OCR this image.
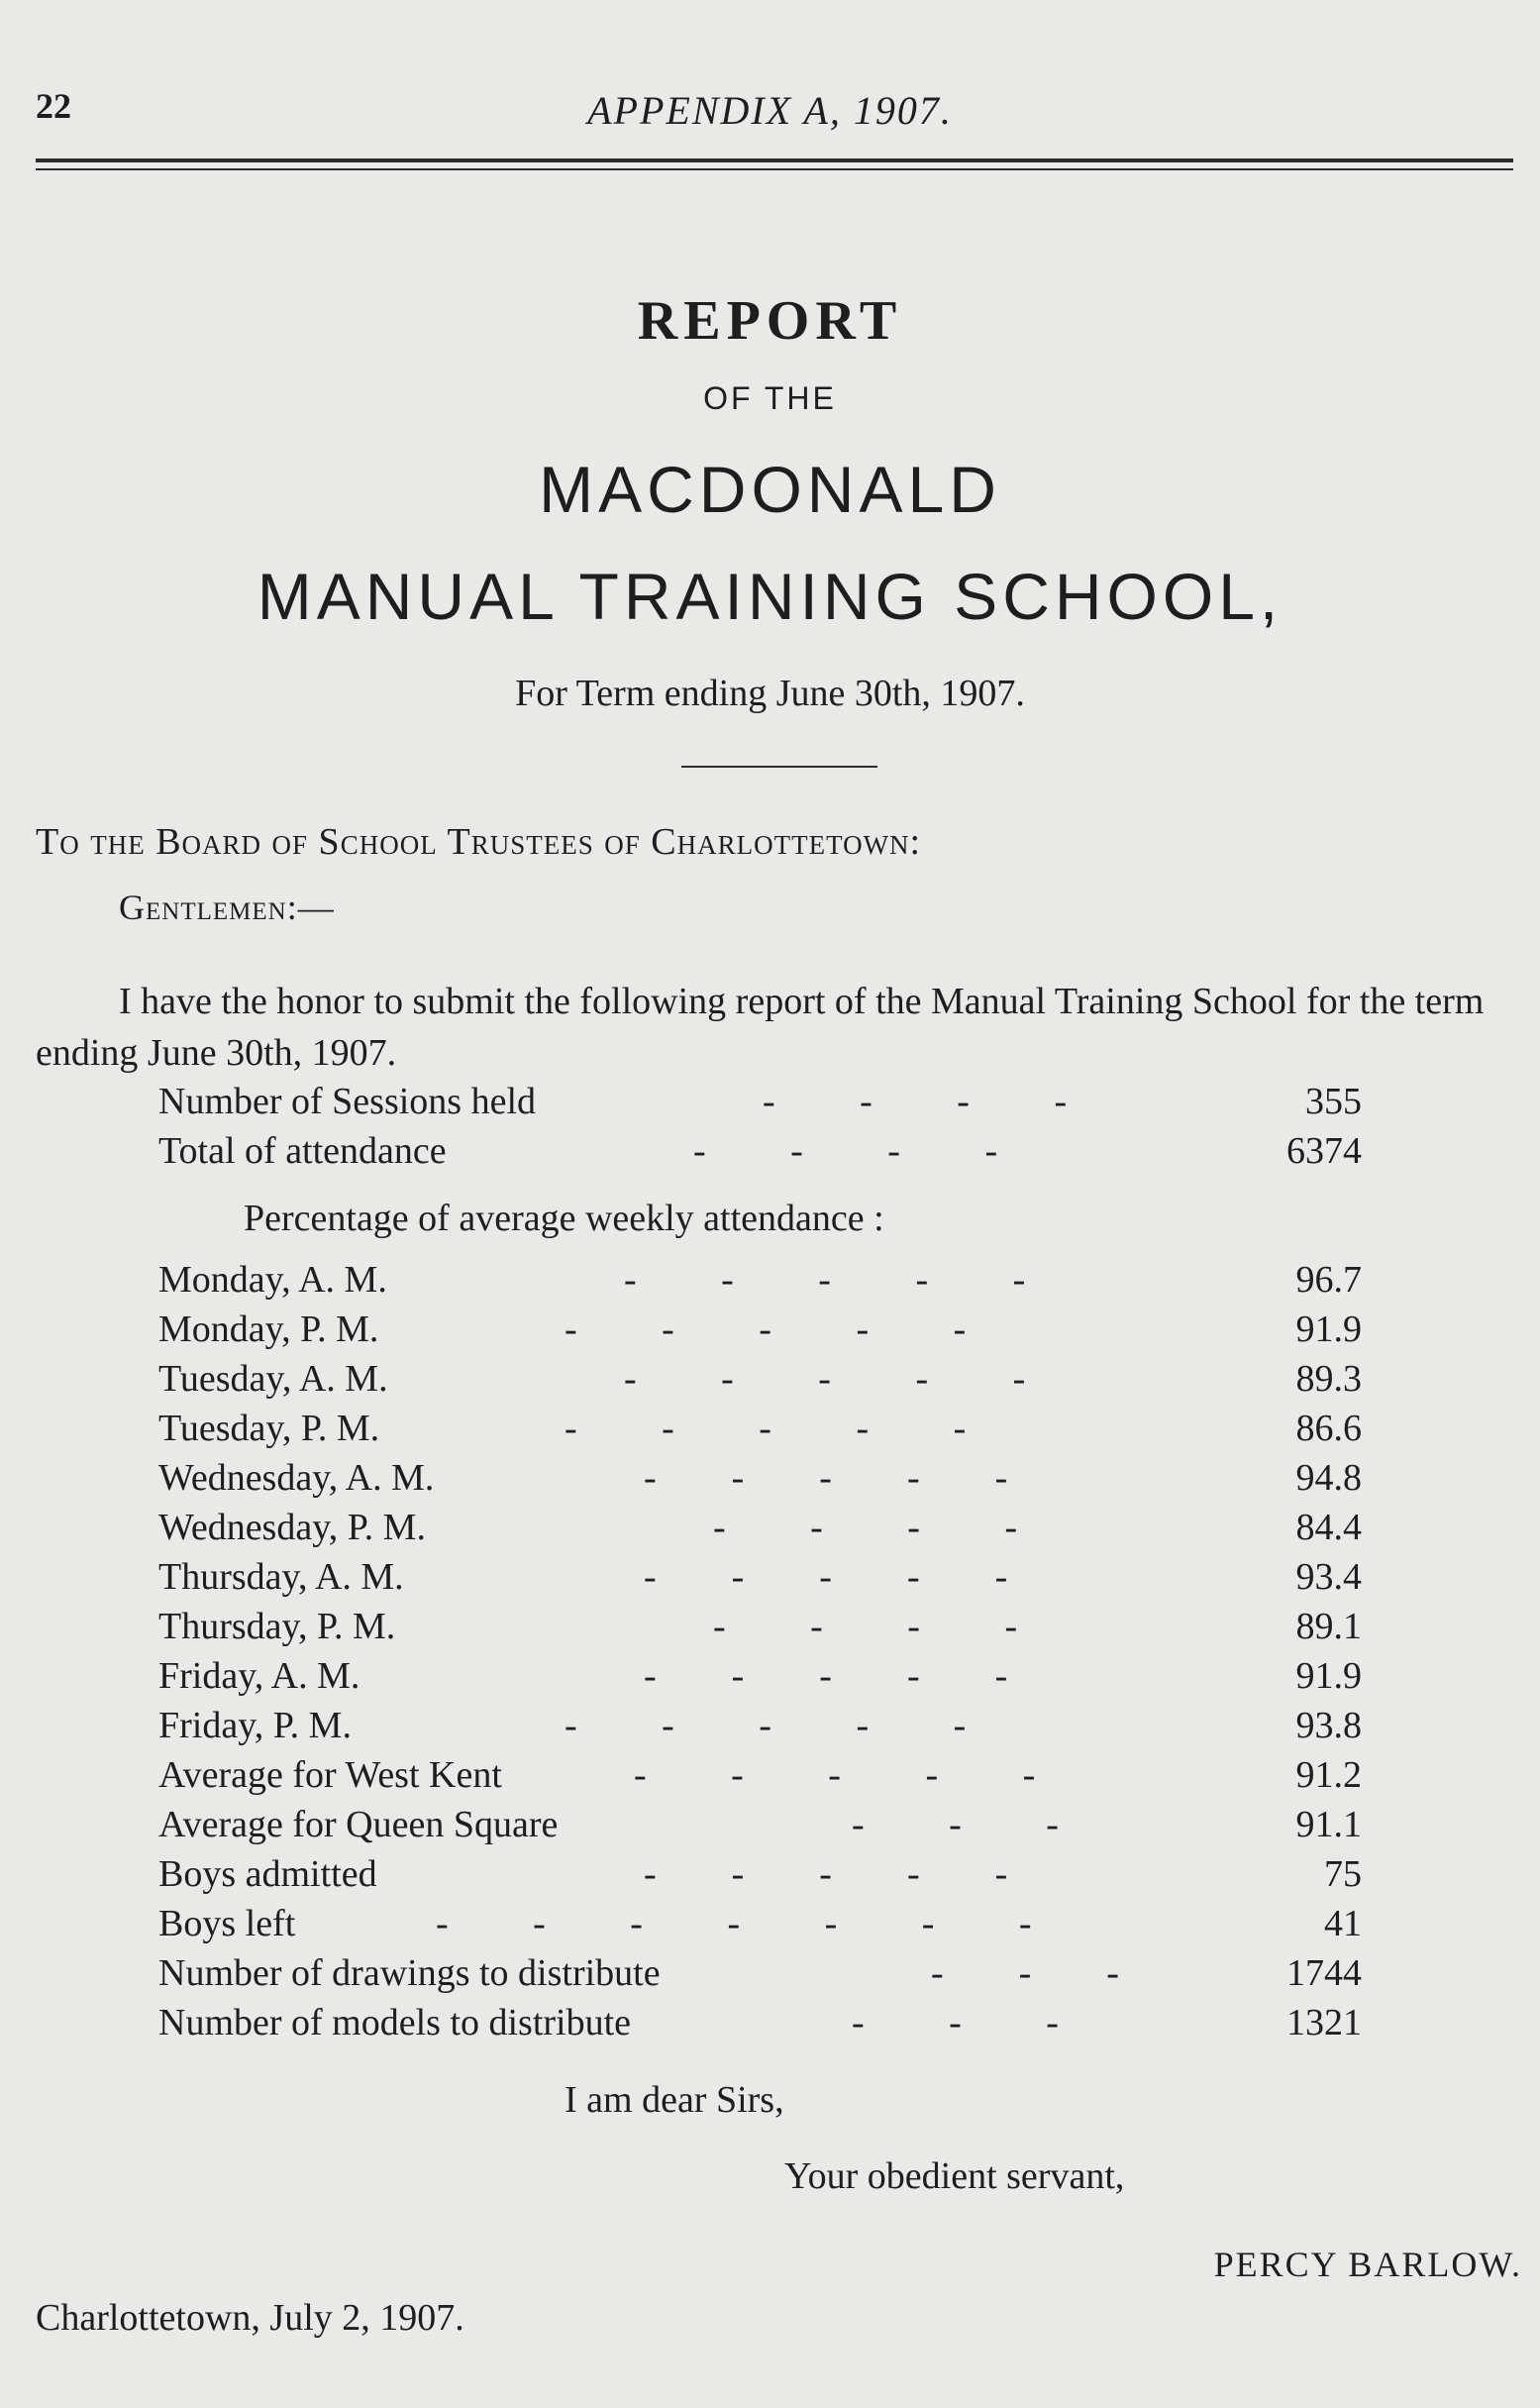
22	APPENDIX A, 1907.
REPORT
OF THE
MACDONALD
MANUAL TRAINING SCHOOL,
For Term ending June 30th, 1907.
To the Board of School Trustees of Charlottetown:
Gentlemen:—
I have the honor to submit the following report of the Manual Training School for the term ending June 30th, 1907.
Number of Sessions held	-         -         -         -	355
Total of attendance	-         -         -         -	6374
Percentage of average weekly attendance :
Monday, A. M.	-         -         -         -         -	96.7
Monday, P. M.	-         -         -         -         -	91.9
Tuesday, A. M.	-         -         -         -         -	89.3
Tuesday, P. M.	-         -         -         -         -	86.6
Wednesday, A. M.	-        -        -        -        -	94.8
Wednesday, P. M.	-         -         -         -	84.4
Thursday, A. M.	-        -        -        -        -	93.4
Thursday, P. M.	-         -         -         -	89.1
Friday, A. M.	-        -        -        -        -	91.9
Friday, P. M.	-         -         -         -         -	93.8
Average for West Kent	-         -         -         -         -	91.2
Average for Queen Square	-         -         -	91.1
Boys admitted	-        -        -        -        -	75
Boys left	-         -         -         -         -         -         -	41
Number of drawings to distribute	-        -        -	1744
Number of models to distribute	-         -         -	1321
I am dear Sirs,
Your obedient servant,
PERCY BARLOW.
Charlottetown, July 2, 1907.
